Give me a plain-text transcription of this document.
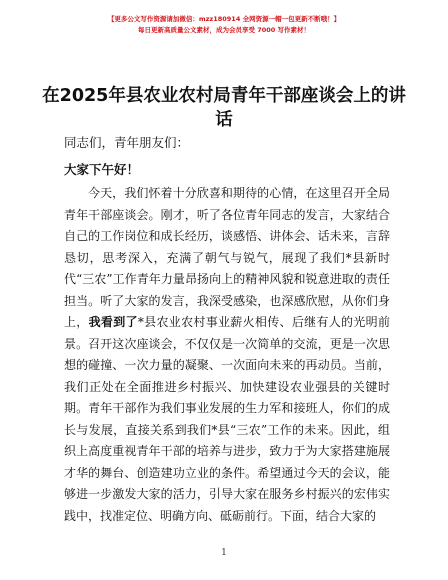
【更多公文写作资源请加微信：mzz180914 全网资源一帽一包更新不断哦！】
每日更新高质量公文素材，成为会员享受 7000 写作素材！
在2025年县农业农村局青年干部座谈会上的讲话
同志们，青年朋友们：
大家下午好！

今天，我们怀着十分欣喜和期待的心情，在这里召开全局青年干部座谈会。刚才，听了各位青年同志的发言，大家结合自己的工作岗位和成长经历，谈感悟、讲体会、话未来，言辞恳切，思考深入，充满了朝气与锐气，展现了我们*县新时代“三农”工作青年力量昂扬向上的精神风貌和锐意进取的责任担当。听了大家的发言，我深受感染，也深感欣慰，从你们身上，我看到了*县农业农村事业薪火相传、后继有人的光明前景。召开这次座谈会，不仅仅是一次简单的交流，更是一次思想的碰撞、一次力量的凝聚、一次面向未来的再动员。当前，我们正处在全面推进乡村振兴、加快建设农业强县的关键时期。青年干部作为我们事业发展的生力军和接班人，你们的成长与发展，直接关系到我们*县“三农”工作的未来。因此，组织上高度重视青年干部的培养与进步，致力于为大家搭建施展才华的舞台、创造建功立业的条件。希望通过今天的会议，能够进一步激发大家的活力，引导大家在服务乡村振兴的宏伟实践中，找准定位、明确方向、砥砺前行。下面，结合大家的

1
